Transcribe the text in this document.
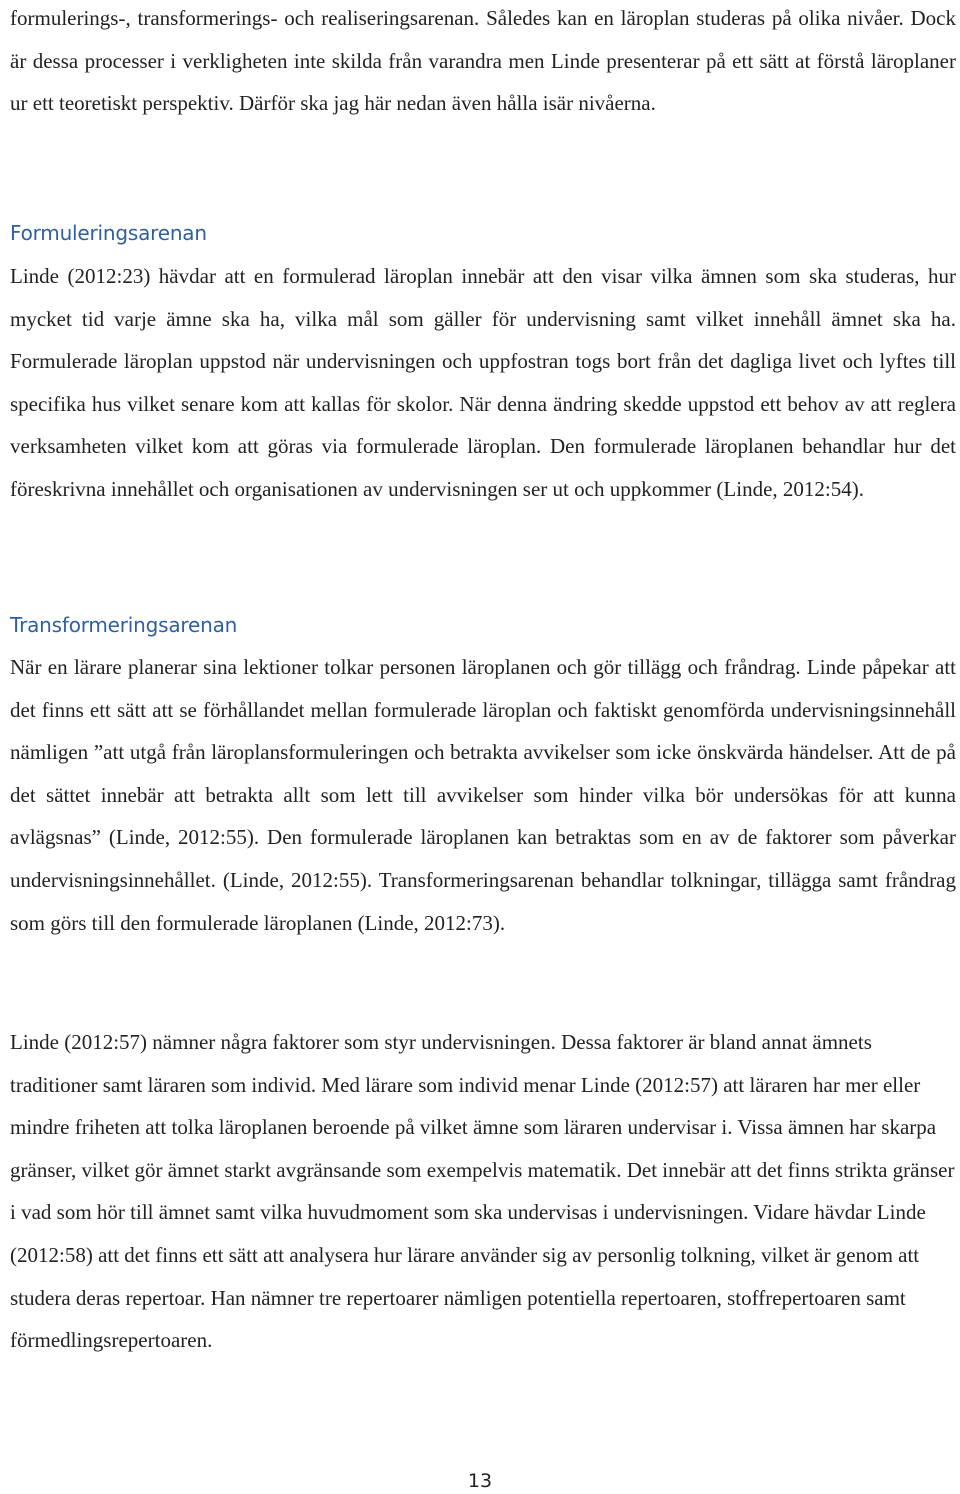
formulerings-, transformerings- och realiseringsarenan. Således kan en läroplan studeras på olika nivåer. Dock är dessa processer i verkligheten inte skilda från varandra men Linde presenterar på ett sätt at förstå läroplaner ur ett teoretiskt perspektiv. Därför ska jag här nedan även hålla isär nivåerna.

Formuleringsarenan

Linde (2012:23) hävdar att en formulerad läroplan innebär att den visar vilka ämnen som ska studeras, hur mycket tid varje ämne ska ha, vilka mål som gäller för undervisning samt vilket innehåll ämnet ska ha. Formulerade läroplan uppstod när undervisningen och uppfostran togs bort från det dagliga livet och lyftes till specifika hus vilket senare kom att kallas för skolor. När denna ändring skedde uppstod ett behov av att reglera verksamheten vilket kom att göras via formulerade läroplan. Den formulerade läroplanen behandlar hur det föreskrivna innehållet och organisationen av undervisningen ser ut och uppkommer (Linde, 2012:54).

Transformeringsarenan

När en lärare planerar sina lektioner tolkar personen läroplanen och gör tillägg och fråndrag. Linde påpekar att det finns ett sätt att se förhållandet mellan formulerade läroplan och faktiskt genomförda undervisningsinnehåll nämligen ”att utgå från läroplansformuleringen och betrakta avvikelser som icke önskvärda händelser. Att de på det sättet innebär att betrakta allt som lett till avvikelser som hinder vilka bör undersökas för att kunna avlägsnas” (Linde, 2012:55). Den formulerade läroplanen kan betraktas som en av de faktorer som påverkar undervisningsinnehållet. (Linde, 2012:55). Transformeringsarenan behandlar tolkningar, tillägga samt fråndrag som görs till den formulerade läroplanen (Linde, 2012:73).

Linde (2012:57) nämner några faktorer som styr undervisningen. Dessa faktorer är bland annat ämnets traditioner samt läraren som individ. Med lärare som individ menar Linde (2012:57) att läraren har mer eller mindre friheten att tolka läroplanen beroende på vilket ämne som läraren undervisar i. Vissa ämnen har skarpa gränser, vilket gör ämnet starkt avgränsande som exempelvis matematik. Det innebär att det finns strikta gränser i vad som hör till ämnet samt vilka huvudmoment som ska undervisas i undervisningen. Vidare hävdar Linde (2012:58) att det finns ett sätt att analysera hur lärare använder sig av personlig tolkning, vilket är genom att studera deras repertoar. Han nämner tre repertoarer nämligen potentiella repertoaren, stoffrepertoaren samt förmedlingsrepertoaren.

13
